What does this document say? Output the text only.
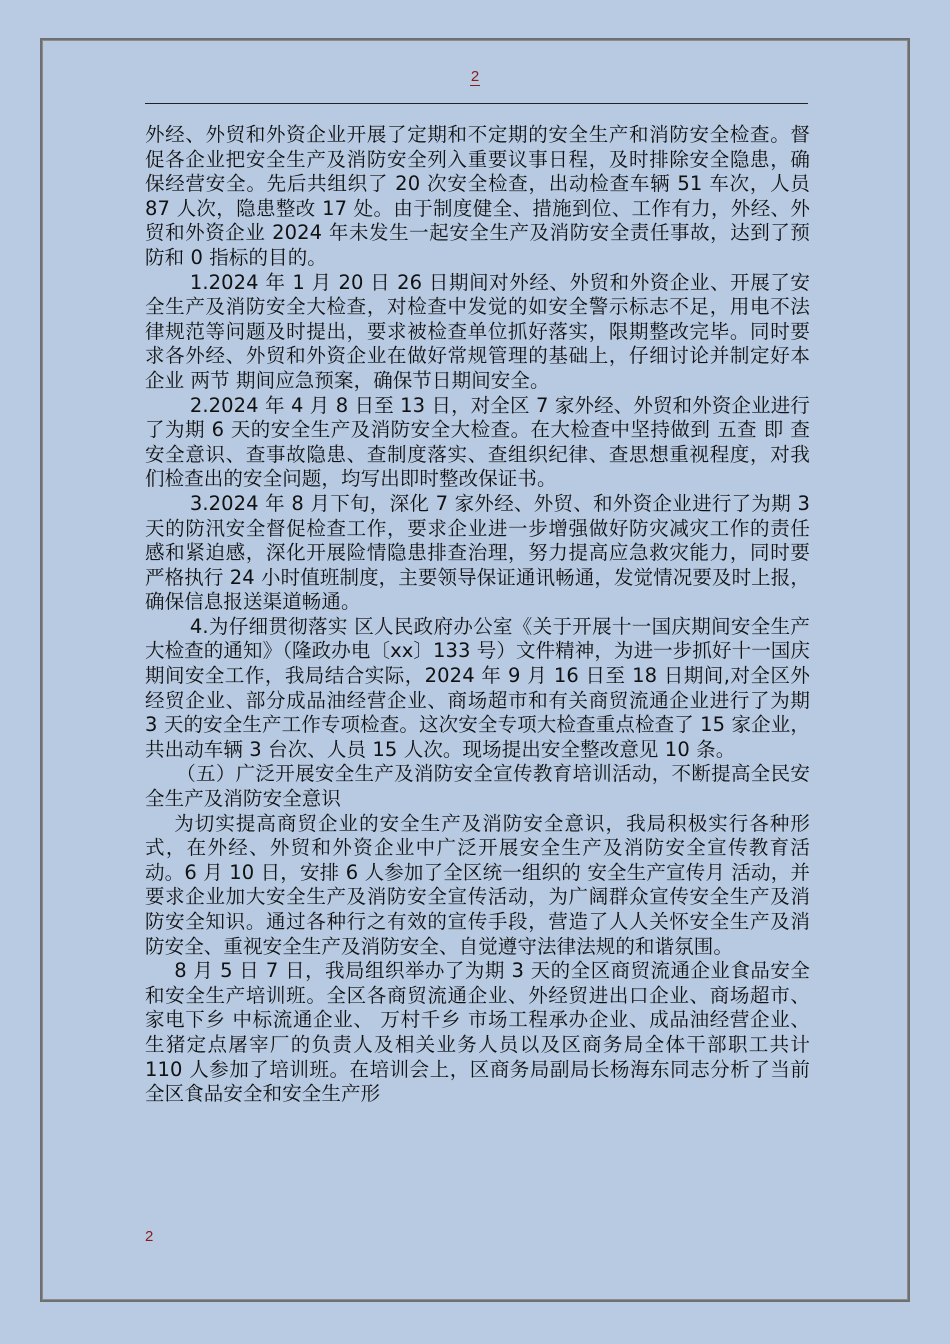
2

外经、外贸和外资企业开展了定期和不定期的安全生产和消防安全检查。督促各企业把安全生产及消防安全列入重要议事日程，及时排除安全隐患，确保经营安全。先后共组织了 20 次安全检查，出动检查车辆 51 车次，人员 87 人次，隐患整改 17 处。由于制度健全、措施到位、工作有力，外经、外贸和外资企业 2024 年未发生一起安全生产及消防安全责任事故，达到了预防和 0 指标的目的。

1.2024 年 1 月 20 日 26 日期间对外经、外贸和外资企业、开展了安全生产及消防安全大检查，对检查中发觉的如安全警示标志不足，用电不法律规范等问题及时提出，要求被检查单位抓好落实，限期整改完毕。同时要求各外经、外贸和外资企业在做好常规管理的基础上，仔细讨论并制定好本企业 两节 期间应急预案，确保节日期间安全。

2.2024 年 4 月 8 日至 13 日，对全区 7 家外经、外贸和外资企业进行了为期 6 天的安全生产及消防安全大检查。在大检查中坚持做到 五查 即 查安全意识、查事故隐患、查制度落实、查组织纪律、查思想重视程度，对我们检查出的安全问题，均写出即时整改保证书。

3.2024 年 8 月下旬，深化 7 家外经、外贸、和外资企业进行了为期 3 天的防汛安全督促检查工作，要求企业进一步增强做好防灾减灾工作的责任感和紧迫感，深化开展险情隐患排查治理，努力提高应急救灾能力，同时要严格执行 24 小时值班制度，主要领导保证通讯畅通，发觉情况要及时上报，确保信息报送渠道畅通。

4.为仔细贯彻落实 区人民政府办公室《关于开展十一国庆期间安全生产大检查的通知》（隆政办电〔xx〕133 号）文件精神，为进一步抓好十一国庆期间安全工作，我局结合实际，2024 年 9 月 16 日至 18 日期间,对全区外经贸企业、部分成品油经营企业、商场超市和有关商贸流通企业进行了为期 3 天的安全生产工作专项检查。这次安全专项大检查重点检查了 15 家企业，共出动车辆 3 台次、人员 15 人次。现场提出安全整改意见 10 条。

（五）广泛开展安全生产及消防安全宣传教育培训活动，不断提高全民安全生产及消防安全意识

为切实提高商贸企业的安全生产及消防安全意识，我局积极实行各种形式，在外经、外贸和外资企业中广泛开展安全生产及消防安全宣传教育活动。6 月 10 日，安排 6 人参加了全区统一组织的 安全生产宣传月 活动，并要求企业加大安全生产及消防安全宣传活动，为广阔群众宣传安全生产及消防安全知识。通过各种行之有效的宣传手段，营造了人人关怀安全生产及消防安全、重视安全生产及消防安全、自觉遵守法律法规的和谐氛围。

8 月 5 日 7 日，我局组织举办了为期 3 天的全区商贸流通企业食品安全和安全生产培训班。全区各商贸流通企业、外经贸进出口企业、商场超市、 家电下乡 中标流通企业、 万村千乡 市场工程承办企业、成品油经营企业、生猪定点屠宰厂的负责人及相关业务人员以及区商务局全体干部职工共计 110 人参加了培训班。在培训会上，区商务局副局长杨海东同志分析了当前全区食品安全和安全生产形

2
